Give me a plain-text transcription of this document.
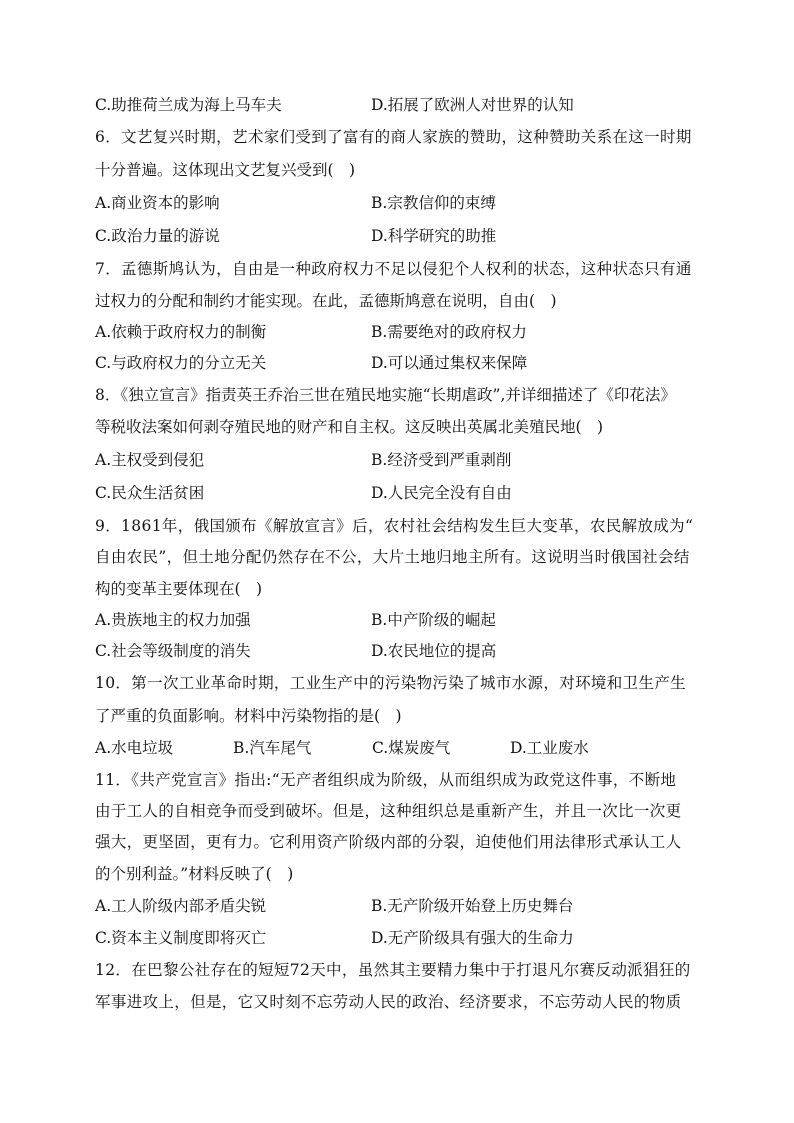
C.助推荷兰成为海上马车夫	D.拓展了欧洲人对世界的认知
6．文艺复兴时期，艺术家们受到了富有的商人家族的赞助，这种赞助关系在这一时期
十分普遍。这体现出文艺复兴受到(　)
A.商业资本的影响	B.宗教信仰的束缚
C.政治力量的游说	D.科学研究的助推
7．孟德斯鸠认为，自由是一种政府权力不足以侵犯个人权利的状态，这种状态只有通
过权力的分配和制约才能实现。在此，孟德斯鸠意在说明，自由(　)
A.依赖于政府权力的制衡	B.需要绝对的政府权力
C.与政府权力的分立无关	D.可以通过集权来保障
8．《独立宣言》指责英王乔治三世在殖民地实施“长期虐政”,并详细描述了《印花法》
等税收法案如何剥夺殖民地的财产和自主权。这反映出英属北美殖民地(　)
A.主权受到侵犯	B.经济受到严重剥削
C.民众生活贫困	D.人民完全没有自由
9．1861年，俄国颁布《解放宣言》后，农村社会结构发生巨大变革，农民解放成为“
自由农民”，但土地分配仍然存在不公，大片土地归地主所有。这说明当时俄国社会结
构的变革主要体现在(　)
A.贵族地主的权力加强	B.中产阶级的崛起
C.社会等级制度的消失	D.农民地位的提高
10．第一次工业革命时期，工业生产中的污染物污染了城市水源，对环境和卫生产生
了严重的负面影响。材料中污染物指的是(　)
A.水电垃圾	B.汽车尾气	C.煤炭废气	D.工业废水
11．《共产党宣言》指出:“无产者组织成为阶级，从而组织成为政党这件事，不断地
由于工人的自相竞争而受到破坏。但是，这种组织总是重新产生，并且一次比一次更
强大，更坚固，更有力。它利用资产阶级内部的分裂，迫使他们用法律形式承认工人
的个别利益。”材料反映了(　)
A.工人阶级内部矛盾尖锐	B.无产阶级开始登上历史舞台
C.资本主义制度即将灭亡	D.无产阶级具有强大的生命力
12．在巴黎公社存在的短短72天中，虽然其主要精力集中于打退凡尔赛反动派猖狂的
军事进攻上，但是，它又时刻不忘劳动人民的政治、经济要求，不忘劳动人民的物质
